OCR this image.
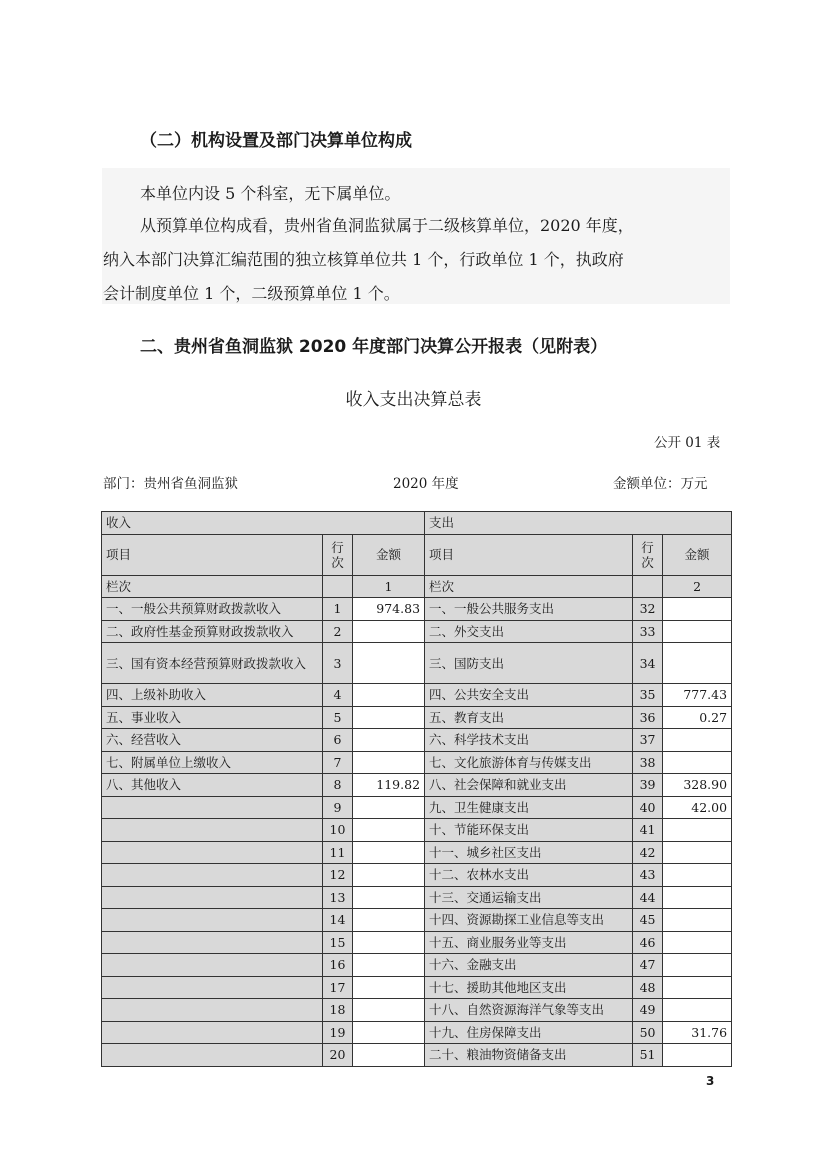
（二）机构设置及部门决算单位构成
本单位内设 5 个科室，无下属单位。
从预算单位构成看，贵州省鱼洞监狱属于二级核算单位，2020 年度，
纳入本部门决算汇编范围的独立核算单位共 1 个，行政单位 1 个，执政府
会计制度单位 1 个，二级预算单位 1 个。
二、贵州省鱼洞监狱 2020 年度部门决算公开报表（见附表）
收入支出决算总表
公开 01 表
部门：贵州省鱼洞监狱	2020 年度	金额单位：万元
收入			支出		
项目	行次	金额	项目	行次	金额
栏次		1	栏次		2
一、一般公共预算财政拨款收入	1	974.83	一、一般公共服务支出	32	
二、政府性基金预算财政拨款收入	2		二、外交支出	33	
三、国有资本经营预算财政拨款收入	3		三、国防支出	34	
四、上级补助收入	4		四、公共安全支出	35	777.43
五、事业收入	5		五、教育支出	36	0.27
六、经营收入	6		六、科学技术支出	37	
七、附属单位上缴收入	7		七、文化旅游体育与传媒支出	38	
八、其他收入	8	119.82	八、社会保障和就业支出	39	328.90
	9		九、卫生健康支出	40	42.00
	10		十、节能环保支出	41	
	11		十一、城乡社区支出	42	
	12		十二、农林水支出	43	
	13		十三、交通运输支出	44	
	14		十四、资源勘探工业信息等支出	45	
	15		十五、商业服务业等支出	46	
	16		十六、金融支出	47	
	17		十七、援助其他地区支出	48	
	18		十八、自然资源海洋气象等支出	49	
	19		十九、住房保障支出	50	31.76
	20		二十、粮油物资储备支出	51	
3
